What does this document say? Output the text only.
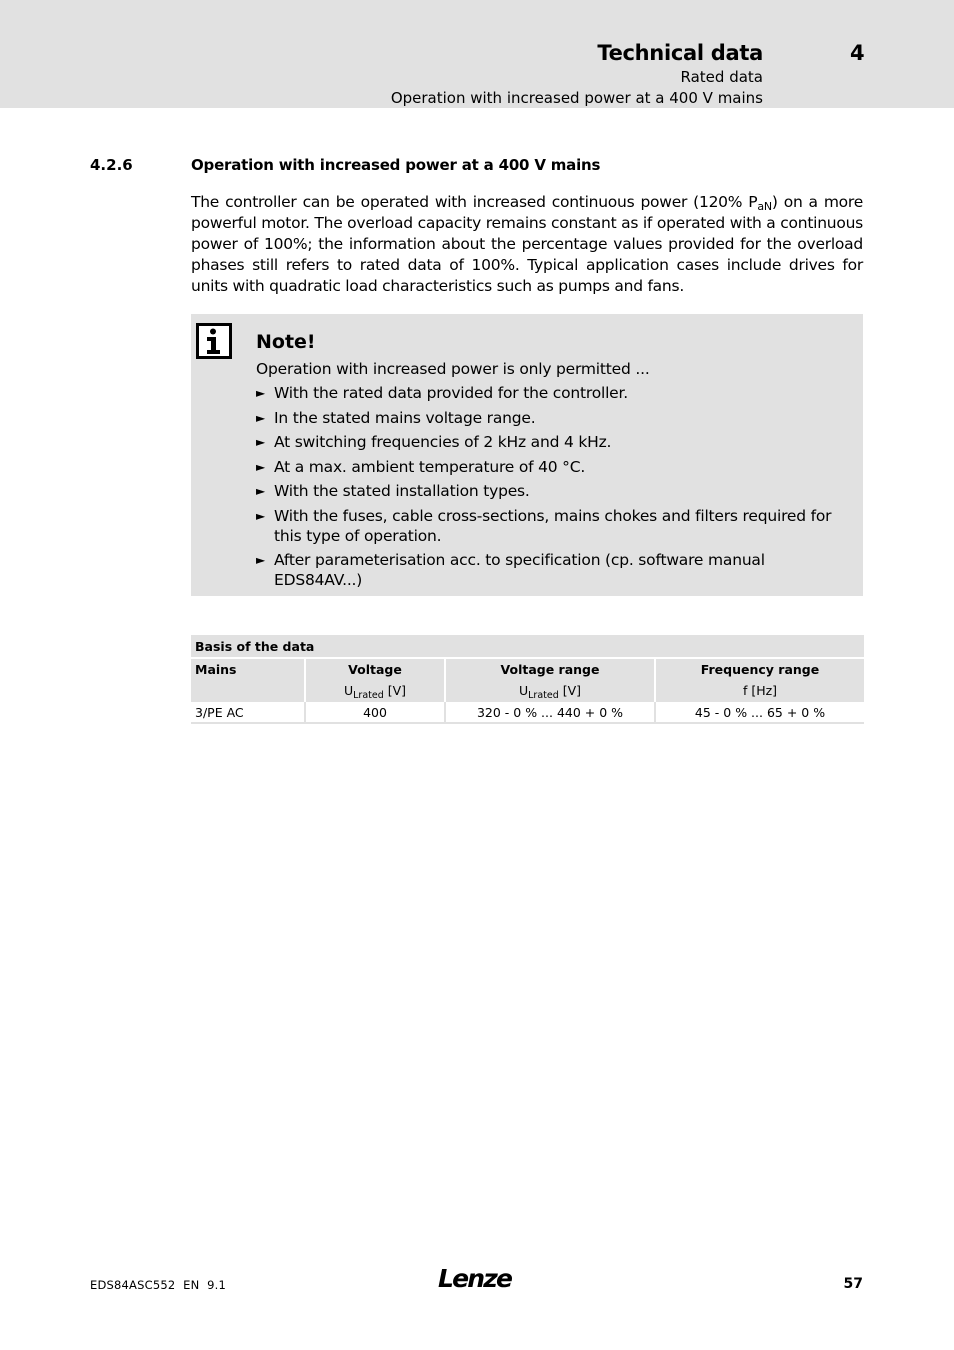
Technical data	4
Rated data
Operation with increased power at a 400 V mains
4.2.6	Operation with increased power at a 400 V mains

The controller can be operated with increased continuous power (120% $P_{aN}$) on a more powerful motor. The overload capacity remains constant as if operated with a continuous power of 100%; the information about the percentage values provided for the overload phases still refers to rated data of 100%. Typical application cases include drives for units with quadratic load characteristics such as pumps and fans.

Note!
Operation with increased power is only permitted ...
► With the rated data provided for the controller.
► In the stated mains voltage range.
► At switching frequencies of 2 kHz and 4 kHz.
► At a max. ambient temperature of 40 °C.
► With the stated installation types.
► With the fuses, cable cross-sections, mains chokes and filters required for this type of operation.
► After parameterisation acc. to specification (cp. software manual EDS84AV...)
Basis of the data			
Mains	Voltage	Voltage range	Frequency range
	$U_{Lrated}$ [V]	$U_{Lrated}$ [V]	f [Hz]
3/PE AC	400	320 - 0 % ... 440 + 0 %	45 - 0 % ... 65 + 0 %
EDS84ASC552  EN  9.1	Lenze	57
